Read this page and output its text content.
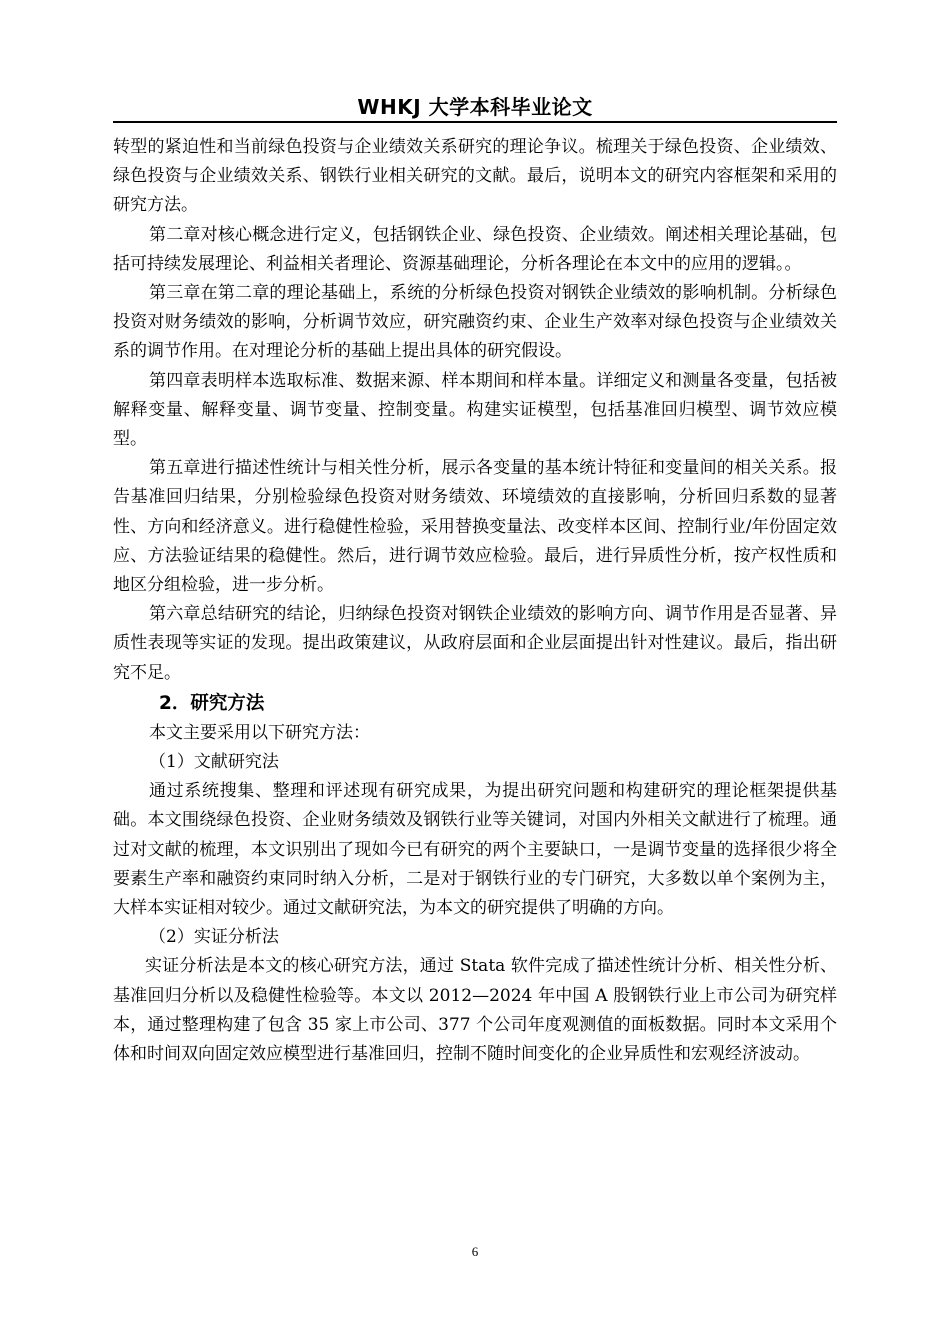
WHKJ 大学本科毕业论文

转型的紧迫性和当前绿色投资与企业绩效关系研究的理论争议。梳理关于绿色投资、企业绩效、绿色投资与企业绩效关系、钢铁行业相关研究的文献。最后，说明本文的研究内容框架和采用的研究方法。

第二章对核心概念进行定义，包括钢铁企业、绿色投资、企业绩效。阐述相关理论基础，包括可持续发展理论、利益相关者理论、资源基础理论，分析各理论在本文中的应用的逻辑。。

第三章在第二章的理论基础上，系统的分析绿色投资对钢铁企业绩效的影响机制。分析绿色投资对财务绩效的影响，分析调节效应，研究融资约束、企业生产效率对绿色投资与企业绩效关系的调节作用。在对理论分析的基础上提出具体的研究假设。

第四章表明样本选取标准、数据来源、样本期间和样本量。详细定义和测量各变量，包括被解释变量、解释变量、调节变量、控制变量。构建实证模型，包括基准回归模型、调节效应模型。

第五章进行描述性统计与相关性分析，展示各变量的基本统计特征和变量间的相关关系。报告基准回归结果，分别检验绿色投资对财务绩效、环境绩效的直接影响，分析回归系数的显著性、方向和经济意义。进行稳健性检验，采用替换变量法、改变样本区间、控制行业/年份固定效应、方法验证结果的稳健性。然后，进行调节效应检验。最后，进行异质性分析，按产权性质和地区分组检验，进一步分析。

第六章总结研究的结论，归纳绿色投资对钢铁企业绩效的影响方向、调节作用是否显著、异质性表现等实证的发现。提出政策建议，从政府层面和企业层面提出针对性建议。最后，指出研究不足。

2．研究方法

本文主要采用以下研究方法：

（1）文献研究法

通过系统搜集、整理和评述现有研究成果，为提出研究问题和构建研究的理论框架提供基础。本文围绕绿色投资、企业财务绩效及钢铁行业等关键词，对国内外相关文献进行了梳理。通过对文献的梳理，本文识别出了现如今已有研究的两个主要缺口，一是调节变量的选择很少将全要素生产率和融资约束同时纳入分析，二是对于钢铁行业的专门研究，大多数以单个案例为主，大样本实证相对较少。通过文献研究法，为本文的研究提供了明确的方向。

（2）实证分析法

实证分析法是本文的核心研究方法，通过 Stata 软件完成了描述性统计分析、相关性分析、基准回归分析以及稳健性检验等。本文以 2012—2024 年中国 A 股钢铁行业上市公司为研究样本，通过整理构建了包含 35 家上市公司、377 个公司年度观测值的面板数据。同时本文采用个体和时间双向固定效应模型进行基准回归，控制不随时间变化的企业异质性和宏观经济波动。

6
